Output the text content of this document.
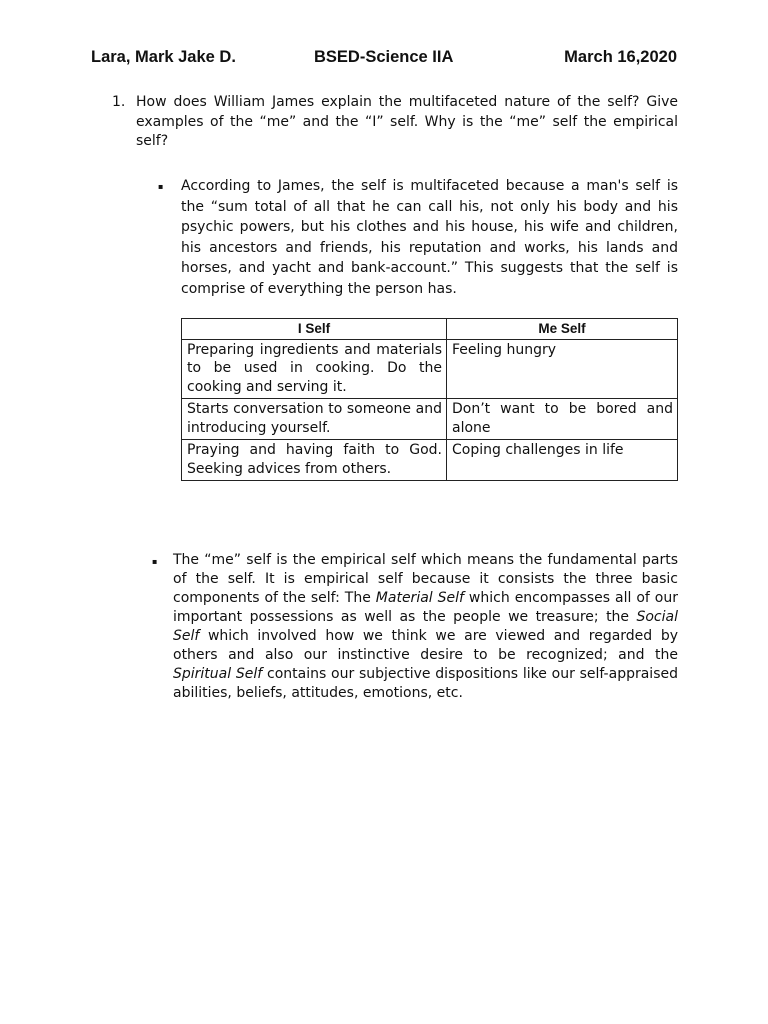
Lara, Mark Jake D.	BSED-Science IIA	March 16,2020
1. How does William James explain the multifaceted nature of the self? Give examples of the “me” and the “I” self. Why is the “me” self the empirical self?
▪ According to James, the self is multifaceted because a man's self is the “sum total of all that he can call his, not only his body and his psychic powers, but his clothes and his house, his wife and children, his ancestors and friends, his reputation and works, his lands and horses, and yacht and bank-account.” This suggests that the self is comprise of everything the person has.
I Self	Me Self
Preparing ingredients and materials to be used in cooking. Do the cooking and serving it.	Feeling hungry
Starts conversation to someone and introducing yourself.	Don’t want to be bored and alone
Praying and having faith to God. Seeking advices from others.	Coping challenges in life
▪ The “me” self is the empirical self which means the fundamental parts of the self. It is empirical self because it consists the three basic components of the self: The Material Self which encompasses all of our important possessions as well as the people we treasure; the Social Self which involved how we think we are viewed and regarded by others and also our instinctive desire to be recognized; and the Spiritual Self contains our subjective dispositions like our self-appraised abilities, beliefs, attitudes, emotions, etc.
